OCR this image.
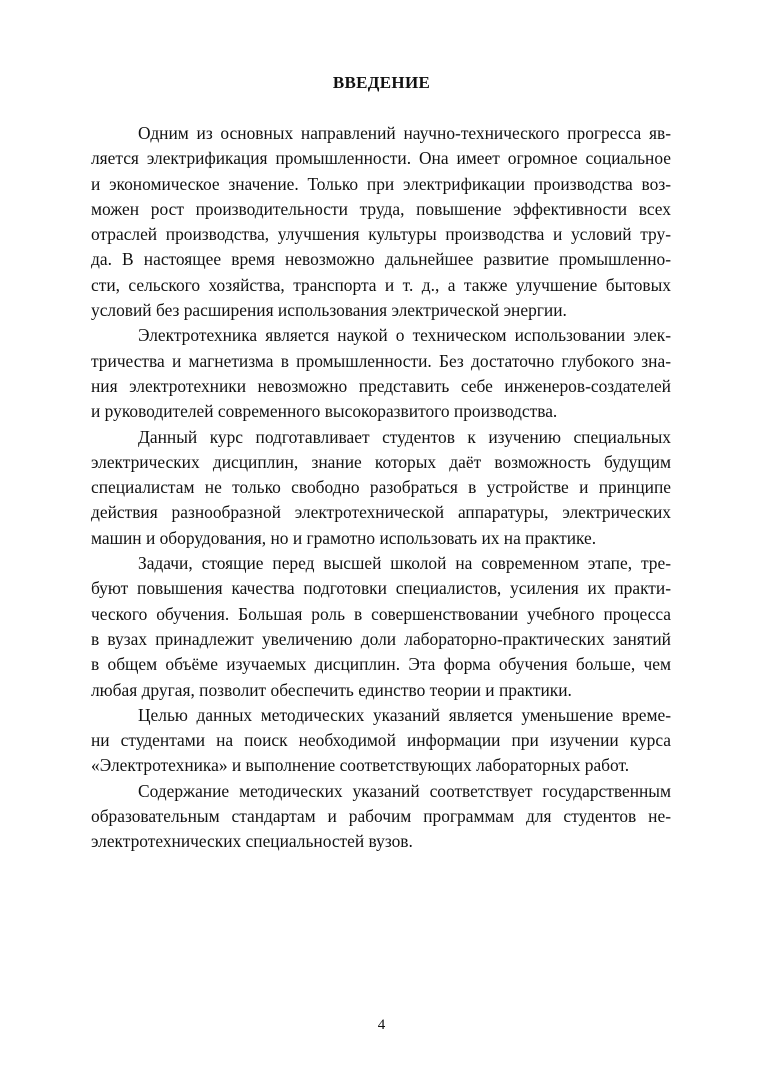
ВВЕДЕНИЕ
Одним из основных направлений научно-технического прогресса яв-
ляется электрификация промышленности. Она имеет огромное социальное
и экономическое значение. Только при электрификации производства воз-
можен рост производительности труда, повышение эффективности всех
отраслей производства, улучшения культуры производства и условий тру-
да. В настоящее время невозможно дальнейшее развитие промышленно-
сти, сельского хозяйства, транспорта и т. д., а также улучшение бытовых
условий без расширения использования электрической энергии.
Электротехника является наукой о техническом использовании элек-
тричества и магнетизма в промышленности. Без достаточно глубокого зна-
ния электротехники невозможно представить себе инженеров-создателей
и руководителей современного высокоразвитого производства.
Данный курс подготавливает студентов к изучению специальных
электрических дисциплин, знание которых даёт возможность будущим
специалистам не только свободно разобраться в устройстве и принципе
действия разнообразной электротехнической аппаратуры, электрических
машин и оборудования, но и грамотно использовать их на практике.
Задачи, стоящие перед высшей школой на современном этапе, тре-
буют повышения качества подготовки специалистов, усиления их практи-
ческого обучения. Большая роль в совершенствовании учебного процесса
в вузах принадлежит увеличению доли лабораторно-практических занятий
в общем объёме изучаемых дисциплин. Эта форма обучения больше, чем
любая другая, позволит обеспечить единство теории и практики.
Целью данных методических указаний является уменьшение време-
ни студентами на поиск необходимой информации при изучении курса
«Электротехника» и выполнение соответствующих лабораторных работ.
Содержание методических указаний соответствует государственным
образовательным стандартам и рабочим программам для студентов не-
электротехнических специальностей вузов.
4
